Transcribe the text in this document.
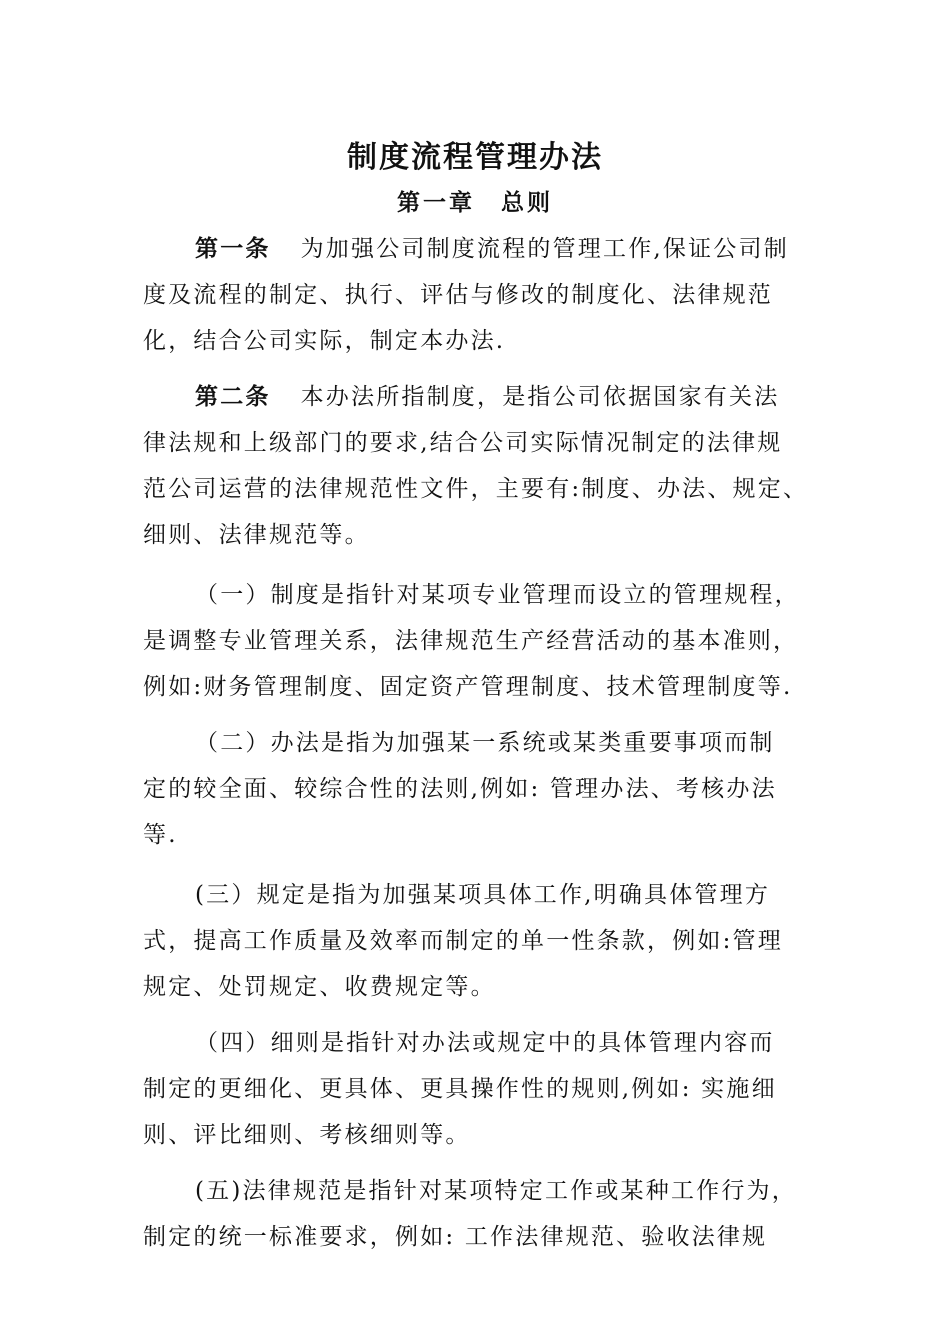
制度流程管理办法
第一章　总则
第一条 为加强公司制度流程的管理工作,保证公司制
度及流程的制定、执行、评估与修改的制度化、法律规范
化，结合公司实际，制定本办法.
第二条 本办法所指制度，是指公司依据国家有关法
律法规和上级部门的要求,结合公司实际情况制定的法律规
范公司运营的法律规范性文件，主要有:制度、办法、规定、
细则、法律规范等。
（一）制度是指针对某项专业管理而设立的管理规程，
是调整专业管理关系，法律规范生产经营活动的基本准则，
例如:财务管理制度、固定资产管理制度、技术管理制度等.
（二）办法是指为加强某一系统或某类重要事项而制
定的较全面、较综合性的法则,例如: 管理办法、考核办法
等.
(三）规定是指为加强某项具体工作,明确具体管理方
式，提高工作质量及效率而制定的单一性条款，例如:管理
规定、处罚规定、收费规定等。
（四）细则是指针对办法或规定中的具体管理内容而
制定的更细化、更具体、更具操作性的规则,例如: 实施细
则、评比细则、考核细则等。
(五)法律规范是指针对某项特定工作或某种工作行为，
制定的统一标准要求，例如: 工作法律规范、验收法律规
